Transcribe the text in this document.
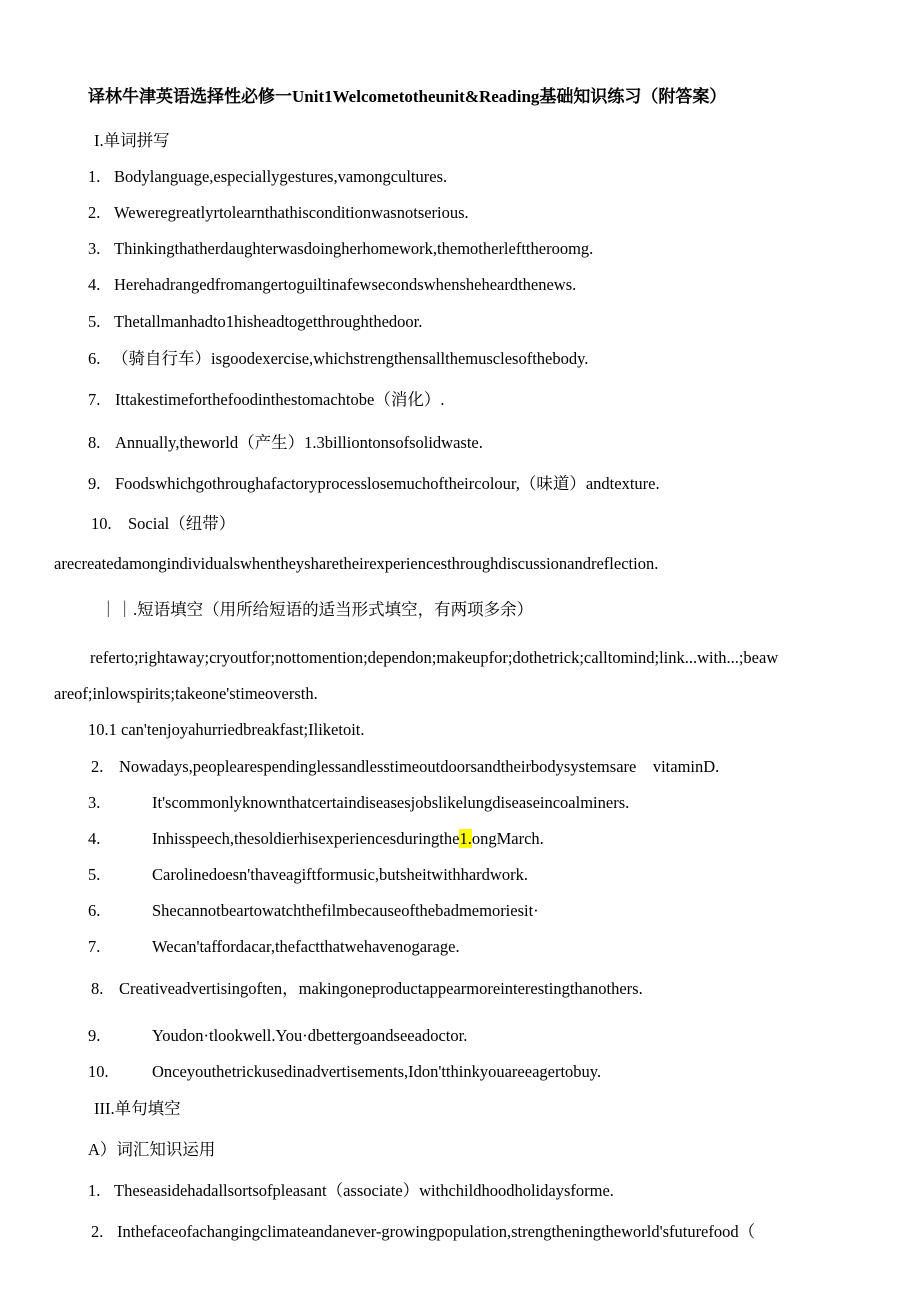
译林牛津英语选择性必修一Unit1Welcometotheunit&Reading基础知识练习（附答案）
I.单词拼写
1. Bodylanguage,especiallygestures,vamongcultures.
2. Weweregreatlyrtolearnthathisconditionwasnotserious.
3. Thinkingthatherdaughterwasdoingherhomework,themotherlefttheroomg.
4. Herehadrangedfromangertoguiltinafewsecondswhensheheardthenews.
5. Thetallmanhadto1hisheadtogetthroughthedoor.
6. （骑自行车）isgoodexercise,whichstrengthensallthemusclesofthebody.
7. Ittakestimeforthefoodinthestomachtobe（消化）.
8. Annually,theworld（产生）1.3billiontonsofsolidwaste.
9. Foodswhichgothroughafactoryprocesslosemuchoftheircolour,（味道）andtexture.
10. Social（纽带）
arecreatedamongindividualswhentheysharetheirexperiencesthroughdiscussionandreflection.
｜｜.短语填空（用所给短语的适当形式填空，有两项多余）
referto;rightaway;cryoutfor;nottomention;dependon;makeupfor;dothetrick;calltomind;link...with...;beaw
areof;inlowspirits;takeone'stimeoversth.
10.1 can'tenjoyahurriedbreakfast;Iliketoit.
2. Nowadays,peoplearespendinglessandlesstimeoutdoorsandtheirbodysystemsare　vitaminD.
3.	It'scommonlyknownthatcertaindiseasesjobslikelungdiseaseincoalminers.
4.	Inhisspeech,thesoldierhisexperiencesduringthe1.ongMarch.
5.	Carolinedoesn'thaveagiftformusic,butsheitwithhardwork.
6.	Shecannotbeartowatchthefilmbecauseofthebadmemoriesit·
7.	Wecan'taffordacar,thefactthatwehavenogarage.
8. Creativeadvertisingoften，makingoneproductappearmoreinterestingthanothers.
9.	Youdon·tlookwell.You·dbettergoandseeadoctor.
10.	Onceyouthetrickusedinadvertisements,Idon'tthinkyouareeagertobuy.
III.单句填空
A）词汇知识运用
1. Theseasidehadallsortsofpleasant（associate）withchildhoodholidaysforme.
2. Inthefaceofachangingclimateandanever-growingpopulation,strengtheningtheworld'sfuturefood（
